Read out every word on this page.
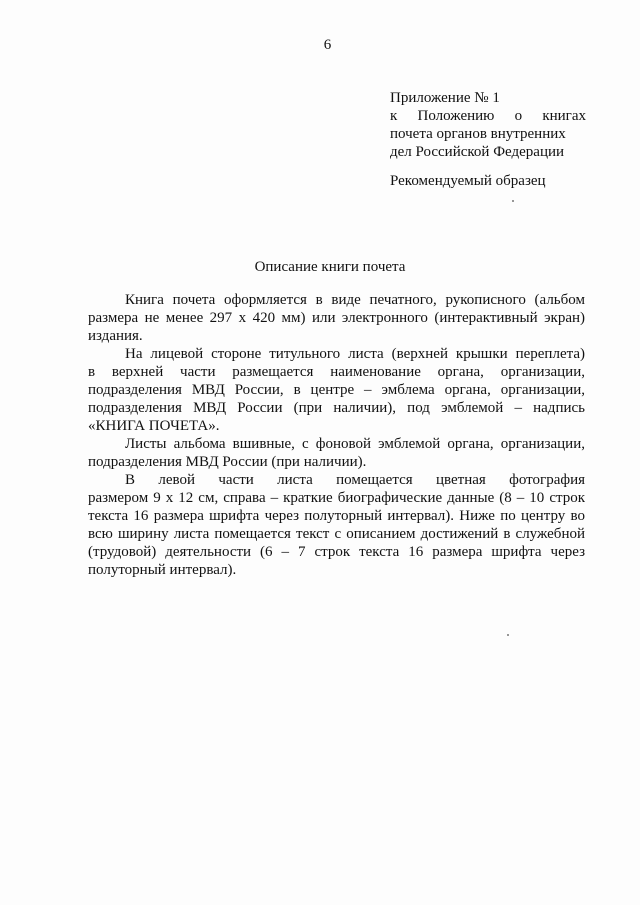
6
Приложение № 1
к Положению о книгах
почета органов внутренних
дел Российской Федерации
Рекомендуемый образец
Описание книги почета
Книга почета оформляется в виде печатного, рукописного (альбом
размера не менее 297 х 420 мм) или электронного (интерактивный экран)
издания.
На лицевой стороне титульного листа (верхней крышки переплета)
в верхней части размещается наименование органа, организации,
подразделения МВД России, в центре – эмблема органа, организации,
подразделения МВД России (при наличии), под эмблемой – надпись
«КНИГА ПОЧЕТА».
Листы альбома вшивные, с фоновой эмблемой органа, организации,
подразделения МВД России (при наличии).
В левой части листа помещается цветная фотография
размером 9 х 12 см, справа – краткие биографические данные (8 – 10 строк
текста 16 размера шрифта через полуторный интервал). Ниже по центру во
всю ширину листа помещается текст с описанием достижений в служебной
(трудовой) деятельности (6 – 7 строк текста 16 размера шрифта через
полуторный интервал).
